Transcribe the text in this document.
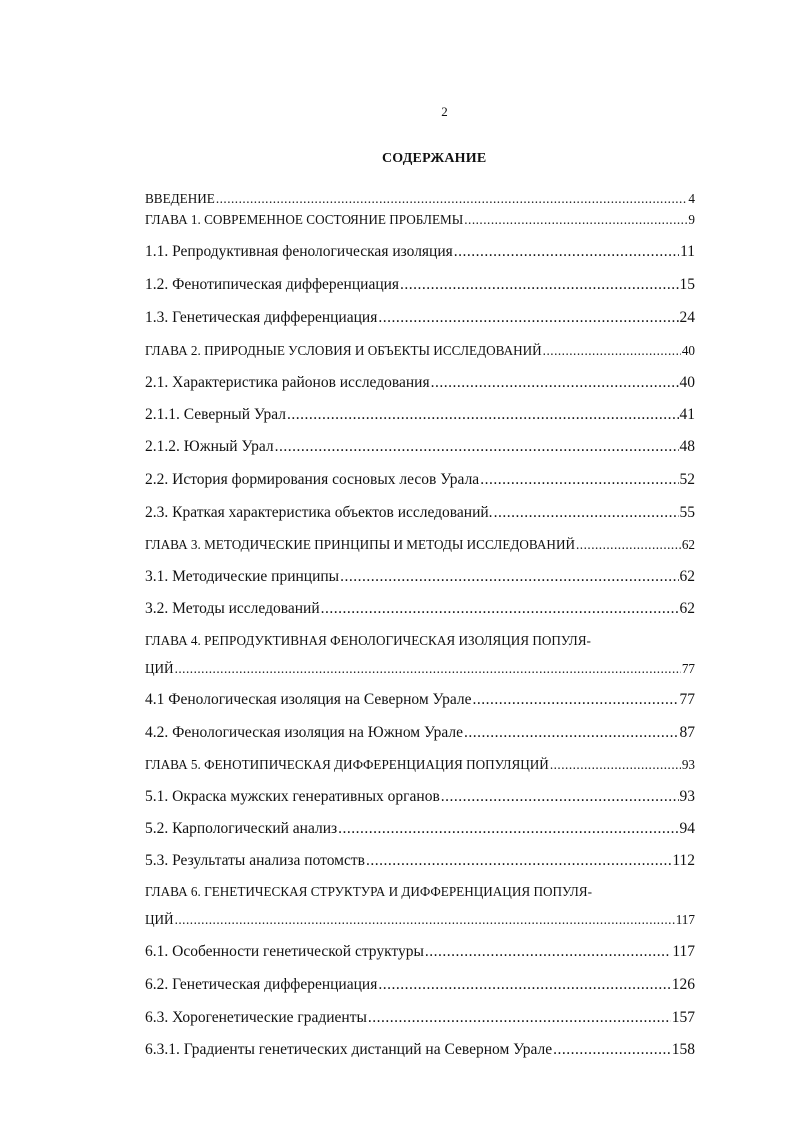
2
СОДЕРЖАНИЕ
ВВЕДЕНИЕ .....	4
ГЛАВА 1. СОВРЕМЕННОЕ СОСТОЯНИЕ ПРОБЛЕМЫ .....	9
1.1. Репродуктивная фенологическая изоляция .....	11
1.2. Фенотипическая дифференциация .....	15
1.3. Генетическая дифференциация .....	24
ГЛАВА 2. ПРИРОДНЫЕ УСЛОВИЯ И ОБЪЕКТЫ ИССЛЕДОВАНИЙ .....	40
2.1. Характеристика районов исследования .....	40
2.1.1. Северный Урал .....	41
2.1.2. Южный Урал .....	48
2.2. История формирования сосновых лесов Урала .....	52
2.3. Краткая характеристика объектов исследований. .....	55
ГЛАВА 3. МЕТОДИЧЕСКИЕ ПРИНЦИПЫ И МЕТОДЫ ИССЛЕДОВАНИЙ .....	62
3.1. Методические принципы .....	62
3.2. Методы исследований .....	62
ГЛАВА 4. РЕПРОДУКТИВНАЯ ФЕНОЛОГИЧЕСКАЯ ИЗОЛЯЦИЯ ПОПУЛЯ-
ЦИЙ .....	77
4.1 Фенологическая изоляция на Северном Урале .....	77
4.2. Фенологическая изоляция на Южном Урале .....	87
ГЛАВА 5. ФЕНОТИПИЧЕСКАЯ ДИФФЕРЕНЦИАЦИЯ ПОПУЛЯЦИЙ .....	93
5.1. Окраска мужских генеративных органов .....	93
5.2. Карпологический анализ .....	94
5.3. Результаты анализа потомств .....	112
ГЛАВА 6. ГЕНЕТИЧЕСКАЯ СТРУКТУРА И ДИФФЕРЕНЦИАЦИЯ ПОПУЛЯ-
ЦИЙ .....	117
6.1. Особенности генетической структуры .....	117
6.2. Генетическая дифференциация .....	126
6.3. Хорогенетические градиенты .....	157
6.3.1. Градиенты генетических дистанций на Северном Урале .....	158
